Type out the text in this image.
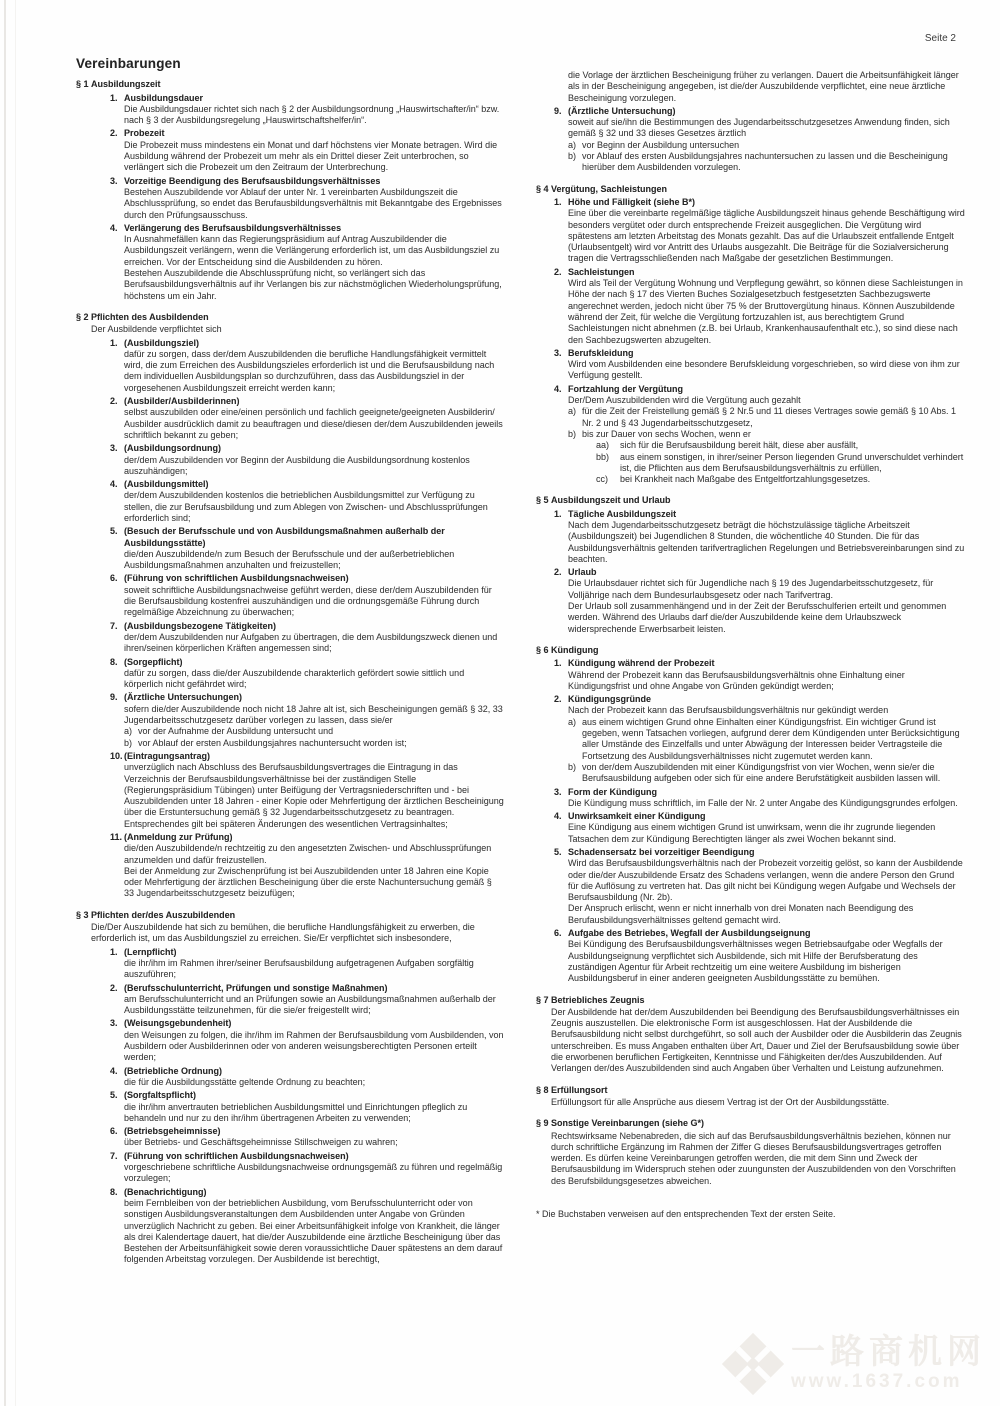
Seite 2
Vereinbarungen
§ 1 Ausbildungszeit
1. Ausbildungsdauer
Die Ausbildungsdauer richtet sich nach § 2 der Ausbildungsordnung „Hauswirtschafter/in“ bzw. nach § 3 der Ausbildungsregelung „Hauswirtschaftshelfer/in“.
2. Probezeit
Die Probezeit muss mindestens ein Monat und darf höchstens vier Monate betragen. Wird die Ausbildung während der Probezeit um mehr als ein Drittel dieser Zeit unterbrochen, so verlängert sich die Probezeit um den Zeitraum der Unterbrechung.
3. Vorzeitige Beendigung des Berufsausbildungsverhältnisses
Bestehen Auszubildende vor Ablauf der unter Nr. 1 vereinbarten Ausbildungszeit die Abschlussprüfung, so endet das Berufausbildungsverhältnis mit Bekanntgabe des Ergebnisses durch den Prüfungsausschuss.
4. Verlängerung des Berufsausbildungsverhältnisses
In Ausnahmefällen kann das Regierungspräsidium auf Antrag Auszubildender die Ausbildungszeit verlängern, wenn die Verlängerung erforderlich ist, um das Ausbildungsziel zu erreichen. Vor der Entscheidung sind die Ausbildenden zu hören.
Bestehen Auszubildende die Abschlussprüfung nicht, so verlängert sich das Berufsausbildungsverhältnis auf ihr Verlangen bis zur nächstmöglichen Wiederholungsprüfung, höchstens um ein Jahr.
§ 2 Pflichten des Ausbildenden
Der Ausbildende verpflichtet sich
1. (Ausbildungsziel)
dafür zu sorgen, dass der/dem Auszubildenden die berufliche Handlungsfähigkeit vermittelt wird, die zum Erreichen des Ausbildungszieles erforderlich ist und die Berufsausbildung nach dem individuellen Ausbildungsplan so durchzuführen, dass das Ausbildungsziel in der vorgesehenen Ausbildungszeit erreicht werden kann;
2. (Ausbilder/Ausbilderinnen)
selbst auszubilden oder eine/einen persönlich und fachlich geeignete/geeigneten Ausbilderin/ Ausbilder ausdrücklich damit zu beauftragen und diese/diesen der/dem Auszubildenden jeweils schriftlich bekannt zu geben;
3. (Ausbildungsordnung)
der/dem Auszubildenden vor Beginn der Ausbildung die Ausbildungsordnung kostenlos auszuhändigen;
4. (Ausbildungsmittel)
der/dem Auszubildenden kostenlos die betrieblichen Ausbildungsmittel zur Verfügung zu stellen, die zur Berufsausbildung und zum Ablegen von Zwischen- und Abschlussprüfungen erforderlich sind;
5. (Besuch der Berufsschule und von Ausbildungsmaßnahmen außerhalb der Ausbildungsstätte)
die/den Auszubildende/n zum Besuch der Berufsschule und der außerbetrieblichen Ausbildungsmaßnahmen anzuhalten und freizustellen;
6. (Führung von schriftlichen Ausbildungsnachweisen)
soweit schriftliche Ausbildungsnachweise geführt werden, diese der/dem Auszubildenden für die Berufsausbildung kostenfrei auszuhändigen und die ordnungsgemäße Führung durch regelmäßige Abzeichnung zu überwachen;
7. (Ausbildungsbezogene Tätigkeiten)
der/dem Auszubildenden nur Aufgaben zu übertragen, die dem Ausbildungszweck dienen und ihren/seinen körperlichen Kräften angemessen sind;
8. (Sorgepflicht)
dafür zu sorgen, dass die/der Auszubildende charakterlich gefördert sowie sittlich und körperlich nicht gefährdet wird;
9. (Ärztliche Untersuchungen)
sofern die/der Auszubildende noch nicht 18 Jahre alt ist, sich Bescheinigungen gemäß § 32, 33 Jugendarbeitsschutzgesetz darüber vorlegen zu lassen, dass sie/er
a) vor der Aufnahme der Ausbildung untersucht und
b) vor Ablauf der ersten Ausbildungsjahres nachuntersucht worden ist;
10. (Eintragungsantrag)
unverzüglich nach Abschluss des Berufsausbildungsvertrages die Eintragung in das Verzeichnis der Berufsausbildungsverhältnisse bei der zuständigen Stelle (Regierungspräsidium Tübingen) unter Beifügung der Vertragsniederschriften und - bei Auszubildenden unter 18 Jahren - einer Kopie oder Mehrfertigung der ärztlichen Bescheinigung über die Erstuntersuchung gemäß § 32 Jugendarbeitsschutzgesetz zu beantragen. Entsprechendes gilt bei späteren Änderungen des wesentlichen Vertragsinhaltes;
11. (Anmeldung zur Prüfung)
die/den Auszubildende/n rechtzeitig zu den angesetzten Zwischen- und Abschlussprüfungen anzumelden und dafür freizustellen.
Bei der Anmeldung zur Zwischenprüfung ist bei Auszubildenden unter 18 Jahren eine Kopie oder Mehrfertigung der ärztlichen Bescheinigung über die erste Nachuntersuchung gemäß § 33 Jugendarbeitsschutzgesetz beizufügen;
§ 3 Pflichten der/des Auszubildenden
Die/Der Auszubildende hat sich zu bemühen, die berufliche Handlungsfähigkeit zu erwerben, die erforderlich ist, um das Ausbildungsziel zu erreichen. Sie/Er verpflichtet sich insbesondere,
1. (Lernpflicht)
die ihr/ihm im Rahmen ihrer/seiner Berufsausbildung aufgetragenen Aufgaben sorgfältig auszuführen;
2. (Berufsschulunterricht, Prüfungen und sonstige Maßnahmen)
am Berufsschulunterricht und an Prüfungen sowie an Ausbildungsmaßnahmen außerhalb der Ausbildungsstätte teilzunehmen, für die sie/er freigestellt wird;
3. (Weisungsgebundenheit)
den Weisungen zu folgen, die ihr/ihm im Rahmen der Berufsausbildung vom Ausbildenden, von Ausbildern oder Ausbilderinnen oder von anderen weisungsberechtigten Personen erteilt werden;
4. (Betriebliche Ordnung)
die für die Ausbildungsstätte geltende Ordnung zu beachten;
5. (Sorgfaltspflicht)
die ihr/ihm anvertrauten betrieblichen Ausbildungsmittel und Einrichtungen pfleglich zu behandeln und nur zu den ihr/ihm übertragenen Arbeiten zu verwenden;
6. (Betriebsgeheimnisse)
über Betriebs- und Geschäftsgeheimnisse Stillschweigen zu wahren;
7. (Führung von schriftlichen Ausbildungsnachweisen)
vorgeschriebene schriftliche Ausbildungsnachweise ordnungsgemäß zu führen und regelmäßig vorzulegen;
8. (Benachrichtigung)
beim Fernbleiben von der betrieblichen Ausbildung, vom Berufsschulunterricht oder von sonstigen Ausbildungsveranstaltungen dem Ausbildenden unter Angabe von Gründen unverzüglich Nachricht zu geben. Bei einer Arbeitsunfähigkeit infolge von Krankheit, die länger als drei Kalendertage dauert, hat die/der Auszubildende eine ärztliche Bescheinigung über das Bestehen der Arbeitsunfähigkeit sowie deren voraussichtliche Dauer spätestens an dem darauf folgenden Arbeitstag vorzulegen. Der Ausbildende ist berechtigt,
die Vorlage der ärztlichen Bescheinigung früher zu verlangen. Dauert die Arbeitsunfähigkeit länger als in der Bescheinigung angegeben, ist die/der Auszubildende verpflichtet, eine neue ärztliche Bescheinigung vorzulegen.
9. (Ärztliche Untersuchung)
soweit auf sie/ihn die Bestimmungen des Jugendarbeitsschutzgesetzes Anwendung finden, sich gemäß § 32 und 33 dieses Gesetzes ärztlich
a) vor Beginn der Ausbildung untersuchen
b) vor Ablauf des ersten Ausbildungsjahres nachuntersuchen zu lassen und die Bescheinigung hierüber dem Ausbildenden vorzulegen.
§ 4 Vergütung, Sachleistungen
1. Höhe und Fälligkeit (siehe B*)
Eine über die vereinbarte regelmäßige tägliche Ausbildungszeit hinaus gehende Beschäftigung wird besonders vergütet oder durch entsprechende Freizeit ausgeglichen. Die Vergütung wird spätestens am letzten Arbeitstag des Monats gezahlt. Das auf die Urlaubszeit entfallende Entgelt (Urlaubsentgelt) wird vor Antritt des Urlaubs ausgezahlt. Die Beiträge für die Sozialversicherung tragen die Vertragsschließenden nach Maßgabe der gesetzlichen Bestimmungen.
2. Sachleistungen
Wird als Teil der Vergütung Wohnung und Verpflegung gewährt, so können diese Sachleistungen in Höhe der nach § 17 des Vierten Buches Sozialgesetzbuch festgesetzten Sachbezugswerte angerechnet werden, jedoch nicht über 75 % der Bruttovergütung hinaus. Können Auszubildende während der Zeit, für welche die Vergütung fortzuzahlen ist, aus berechtigtem Grund Sachleistungen nicht abnehmen (z.B. bei Urlaub, Krankenhausaufenthalt etc.), so sind diese nach den Sachbezugswerten abzugelten.
3. Berufskleidung
Wird vom Ausbildenden eine besondere Berufskleidung vorgeschrieben, so wird diese von ihm zur Verfügung gestellt.
4. Fortzahlung der Vergütung
Der/Dem Auszubildenden wird die Vergütung auch gezahlt
a) für die Zeit der Freistellung gemäß § 2 Nr.5 und 11 dieses Vertrages sowie gemäß § 10 Abs. 1 Nr. 2 und § 43 Jugendarbeitsschutzgesetz,
b) bis zur Dauer von sechs Wochen, wenn er
aa)	sich für die Berufsausbildung bereit hält, diese aber ausfällt,
bb)	aus einem sonstigen, in ihrer/seiner Person liegenden Grund unverschuldet verhindert ist, die Pflichten aus dem Berufsausbildungsverhältnis zu erfüllen,
cc)	bei Krankheit nach Maßgabe des Entgeltfortzahlungsgesetzes.
§ 5 Ausbildungszeit und Urlaub
1. Tägliche Ausbildungszeit
Nach dem Jugendarbeitsschutzgesetz beträgt die höchstzulässige tägliche Arbeitszeit (Ausbildungszeit) bei Jugendlichen 8 Stunden, die wöchentliche 40 Stunden. Die für das Ausbildungsverhältnis geltenden tarifvertraglichen Regelungen und Betriebsvereinbarungen sind zu beachten.
2. Urlaub
Die Urlaubsdauer richtet sich für Jugendliche nach § 19 des Jugendarbeitsschutzgesetz, für Volljährige nach dem Bundesurlaubsgesetz oder nach Tarifvertrag.
Der Urlaub soll zusammenhängend und in der Zeit der Berufsschulferien erteilt und genommen werden. Während des Urlaubs darf die/der Auszubildende keine dem Urlaubszweck widersprechende Erwerbsarbeit leisten.
§ 6 Kündigung
1. Kündigung während der Probezeit
Während der Probezeit kann das Berufsausbildungsverhältnis ohne Einhaltung einer Kündigungsfrist und ohne Angabe von Gründen gekündigt werden;
2. Kündigungsgründe
Nach der Probezeit kann das Berufsausbildungsverhältnis nur gekündigt werden
a) aus einem wichtigen Grund ohne Einhalten einer Kündigungsfrist. Ein wichtiger Grund ist gegeben, wenn Tatsachen vorliegen, aufgrund derer dem Kündigenden unter Berücksichtigung aller Umstände des Einzelfalls und unter Abwägung der Interessen beider Vertragsteile die Fortsetzung des Ausbildungsverhältnisses nicht zugemutet werden kann.
b) von der/dem Auszubildenden mit einer Kündigungsfrist von vier Wochen, wenn sie/er die Berufsausbildung aufgeben oder sich für eine andere Berufstätigkeit ausbilden lassen will.
3. Form der Kündigung
Die Kündigung muss schriftlich, im Falle der Nr. 2 unter Angabe des Kündigungsgrundes erfolgen.
4. Unwirksamkeit einer Kündigung
Eine Kündigung aus einem wichtigen Grund ist unwirksam, wenn die ihr zugrunde liegenden Tatsachen dem zur Kündigung Berechtigten länger als zwei Wochen bekannt sind.
5. Schadensersatz bei vorzeitiger Beendigung
Wird das Berufsausbildungsverhältnis nach der Probezeit vorzeitig gelöst, so kann der Ausbildende oder die/der Auszubildende Ersatz des Schadens verlangen, wenn die andere Person den Grund für die Auflösung zu vertreten hat. Das gilt nicht bei Kündigung wegen Aufgabe und Wechsels der Berufsausbildung (Nr. 2b).
Der Anspruch erlischt, wenn er nicht innerhalb von drei Monaten nach Beendigung des Berufausbildungsverhältnisses geltend gemacht wird.
6. Aufgabe des Betriebes, Wegfall der Ausbildungseignung
Bei Kündigung des Berufsausbildungsverhältnisses wegen Betriebsaufgabe oder Wegfalls der Ausbildungseignung verpflichtet sich Ausbildende, sich mit Hilfe der Berufsberatung des zuständigen Agentur für Arbeit rechtzeitig um eine weitere Ausbildung im bisherigen Ausbildungsberuf in einer anderen geeigneten Ausbildungsstätte zu bemühen.
§ 7 Betriebliches Zeugnis
Der Ausbildende hat der/dem Auszubildenden bei Beendigung des Berufsausbildungsverhältnisses ein Zeugnis auszustellen. Die elektronische Form ist ausgeschlossen. Hat der Ausbildende die Berufsausbildung nicht selbst durchgeführt, so soll auch der Ausbilder oder die Ausbilderin das Zeugnis unterschreiben. Es muss Angaben enthalten über Art, Dauer und Ziel der Berufsausbildung sowie über die erworbenen beruflichen Fertigkeiten, Kenntnisse und Fähigkeiten der/des Auszubildenden. Auf Verlangen der/des Auszubildenden sind auch Angaben über Verhalten und Leistung aufzunehmen.
§ 8 Erfüllungsort
Erfüllungsort für alle Ansprüche aus diesem Vertrag ist der Ort der Ausbildungsstätte.
§ 9 Sonstige Vereinbarungen (siehe G*)
Rechtswirksame Nebenabreden, die sich auf das Berufsausbildungsverhältnis beziehen, können nur durch schriftliche Ergänzung im Rahmen der Ziffer G dieses Berufsausbildungsvertrages getroffen werden. Es dürfen keine Vereinbarungen getroffen werden, die mit dem Sinn und Zweck der Berufsausbildung im Widerspruch stehen oder zuungunsten der Auszubildenden von den Vorschriften des Berufsbildungsgesetzes abweichen.
* Die Buchstaben verweisen auf den entsprechenden Text der ersten Seite.
一路商机网
www.1637.com
